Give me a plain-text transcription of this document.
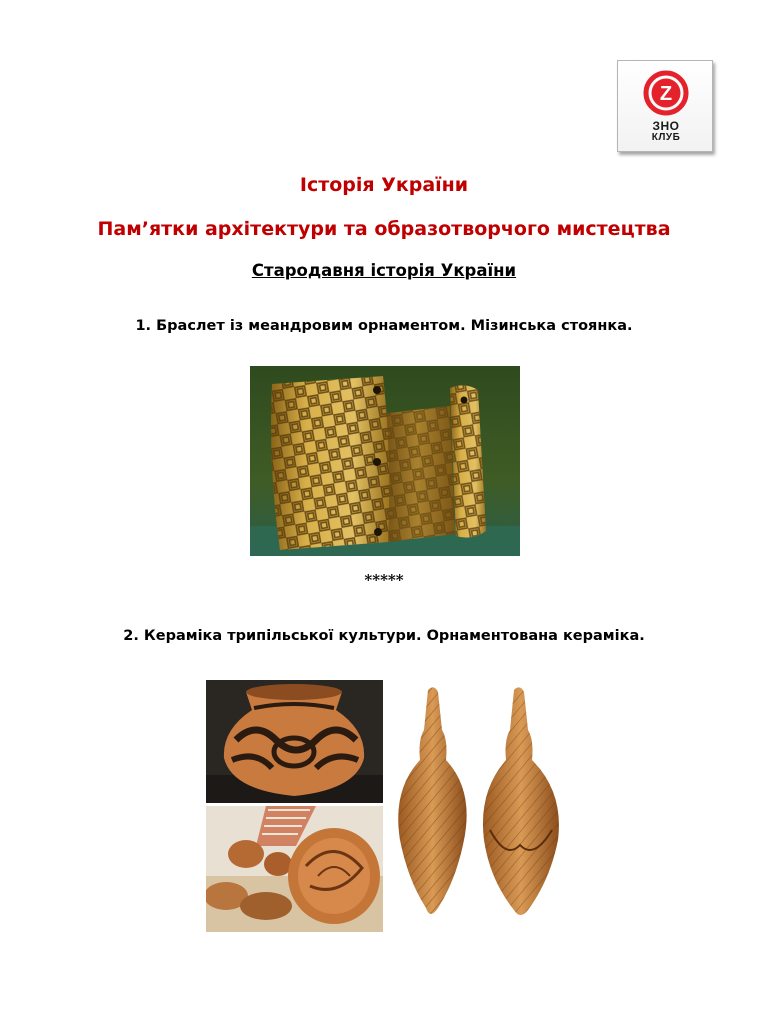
Z
ЗНО
КЛУБ
Історія України
Пам’ятки архітектури та образотворчого мистецтва
Стародавня історія України
1. Браслет із меандровим орнаментом. Мізинська стоянка.
*****
2. Кераміка трипільської культури. Орнаментована кераміка.
